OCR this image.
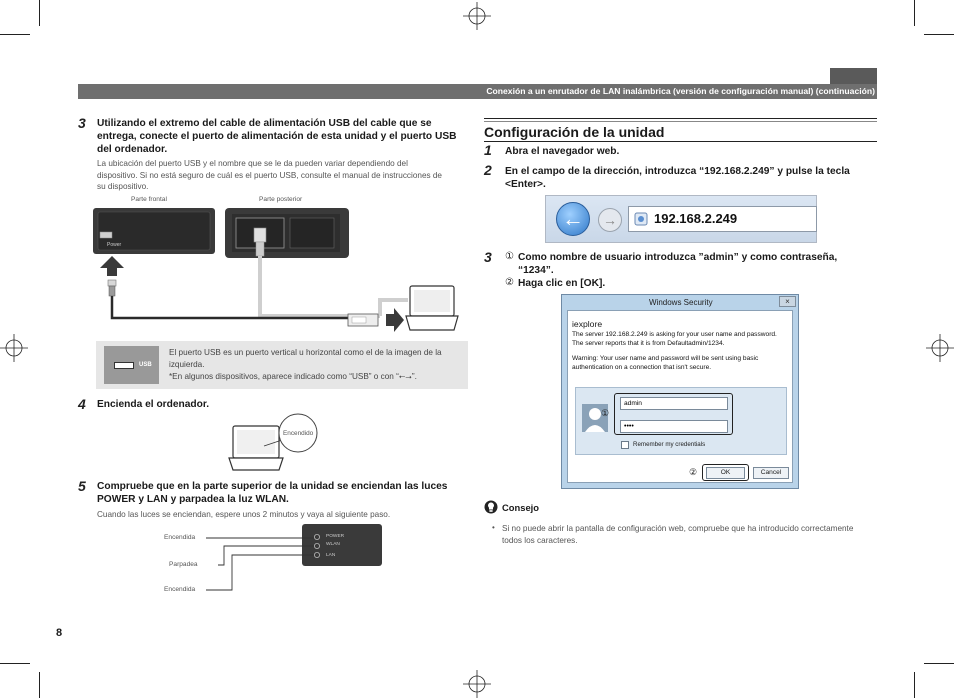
Conexión a un enrutador de LAN inalámbrica (versión de configuración manual) (continuación)
3 Utilizando el extremo del cable de alimentación USB del cable que se entrega, conecte el puerto de alimentación de esta unidad y el puerto USB del ordenador.
La ubicación del puerto USB y el nombre que se le da pueden variar dependiendo del dispositivo. Si no está seguro de cuál es el puerto USB, consulte el manual de instrucciones de su dispositivo.
Parte frontal	Parte posterior
Power
USB
El puerto USB es un puerto vertical u horizontal como el de la imagen de la izquierda.
*En algunos dispositivos, aparece indicado como “USB” o con “⭠⭢”.
4 Encienda el ordenador.
Encendido
5 Compruebe que en la parte superior de la unidad se enciendan las luces POWER y LAN y parpadea la luz WLAN.
Cuando las luces se enciendan, espere unos 2 minutos y vaya al siguiente paso.
Encendida
Parpadea
Encendida
POWER
WLAN
LAN
8
Configuración de la unidad
1 Abra el navegador web.
2 En el campo de la dirección, introduzca “192.168.2.249” y pulse la tecla <Enter>.
←	→	192.168.2.249
3 ① Como nombre de usuario introduzca ”admin” y como contraseña, “1234”.
② Haga clic en [OK].
Windows Security	×
iexplore
The server 192.168.2.249 is asking for your user name and password. The server reports that it is from Defaultadmin/1234.
Warning: Your user name and password will be sent using basic authentication on a connection that isn't secure.
①
admin
••••
Remember my credentials
②	OK	Cancel
Consejo
• Si no puede abrir la pantalla de configuración web, compruebe que ha introducido correctamente todos los caracteres.
